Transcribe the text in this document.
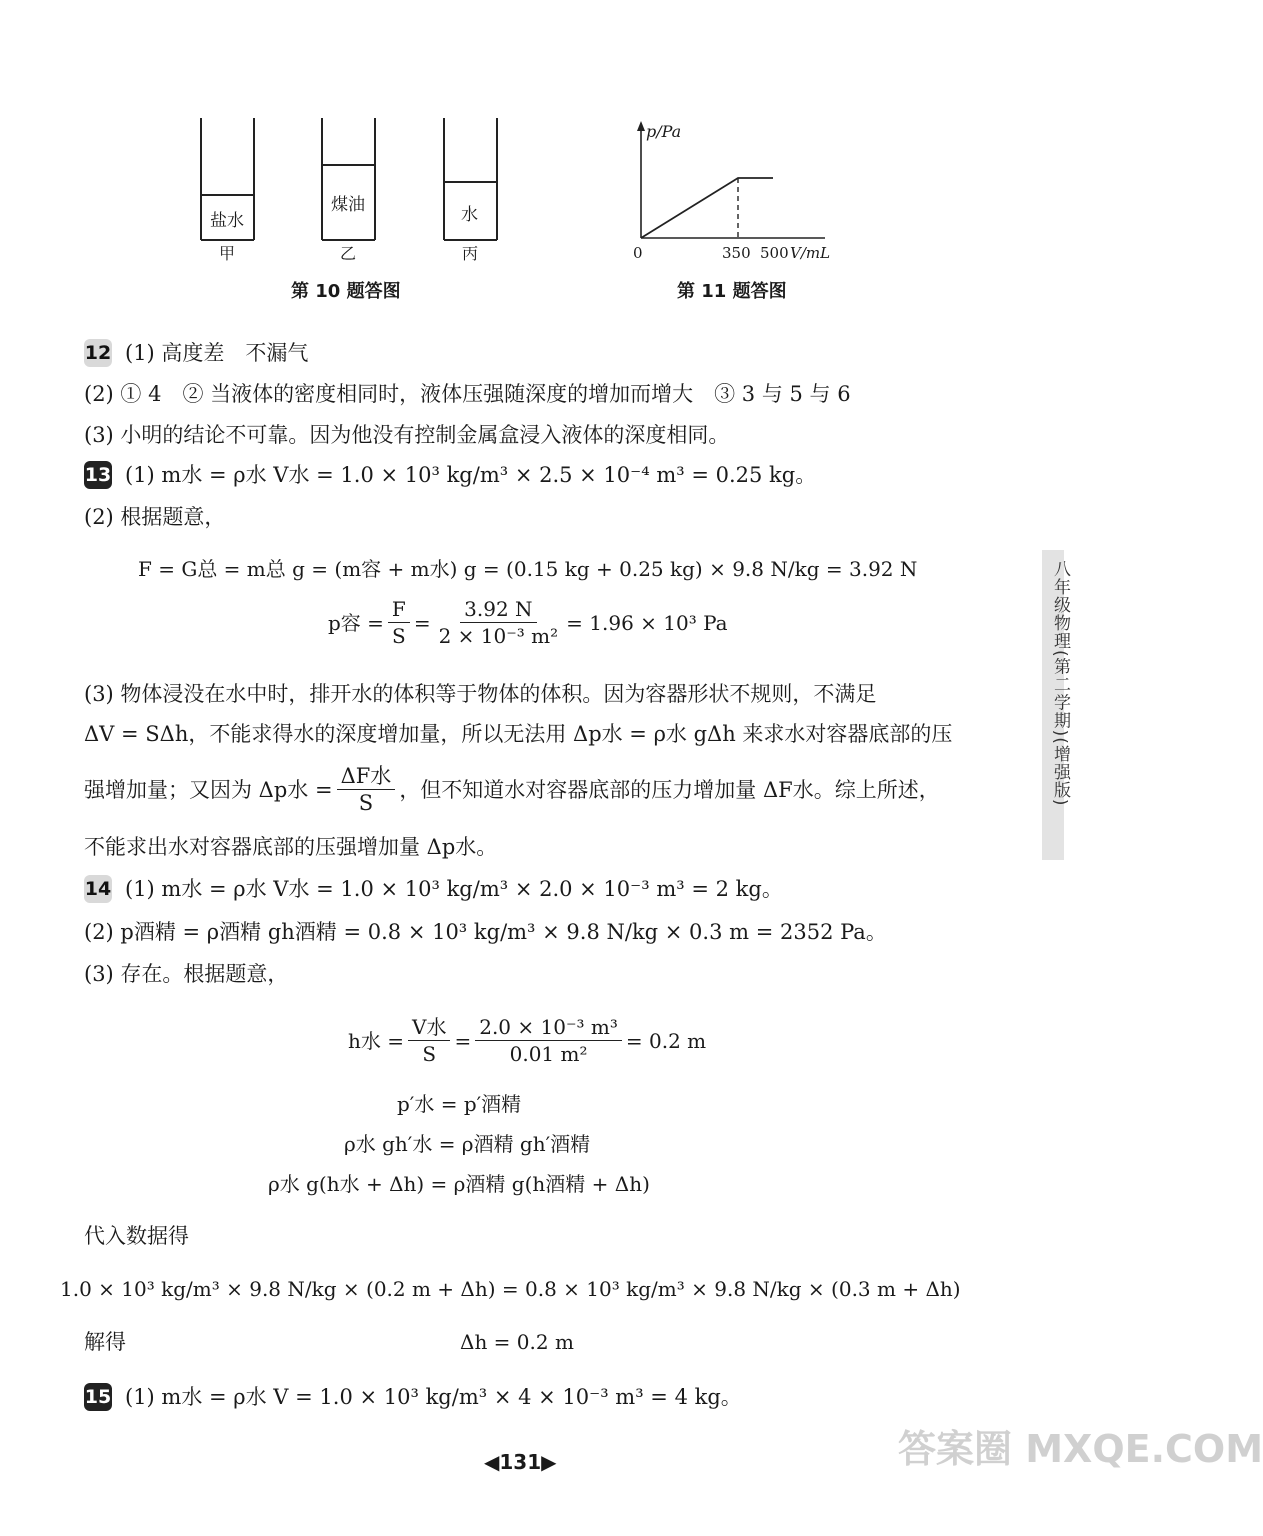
盐水
煤油	水
甲	乙	丙
第 10 题答图
p/Pa
0	350 500 V/mL
第 11 题答图
12 (1) 高度差　不漏气
(2) ① 4　② 当液体的密度相同时，液体压强随深度的增加而增大　③ 3 与 5 与 6
(3) 小明的结论不可靠。因为他没有控制金属盒浸入液体的深度相同。
13 (1) m水 = ρ水 V水 = 1.0 × 10³ kg/m³ × 2.5 × 10⁻⁴ m³ = 0.25 kg。
(2) 根据题意，
F = G总 = m总 g = (m容 + m水) g = (0.15 kg + 0.25 kg) × 9.8 N/kg = 3.92 N
p容 = $\frac{F}{S} = \frac{3.92 N}{\text{2 × 10⁻³ m²}} = 1.96 \times 10^3$ Pa
(3) 物体浸没在水中时，排开水的体积等于物体的体积。因为容器形状不规则，不满足
ΔV = SΔh，不能求得水的深度增加量，所以无法用 Δp水 = ρ水 gΔh 来求水对容器底部的压
强增加量；又因为 Δp水 = $\frac{\text{ΔF水}}{S}$ ，但不知道水对容器底部的压力增加量 ΔF水。综上所述，
不能求出水对容器底部的压强增加量 Δp水。
14 (1) m水 = ρ水 V水 = 1.0 × 10³ kg/m³ × 2.0 × 10⁻³ m³ = 2 kg。
(2) p酒精 = ρ酒精 gh酒精 = 0.8 × 10³ kg/m³ × 9.8 N/kg × 0.3 m = 2352 Pa。
(3) 存在。根据题意，
h水 = $\frac{\text{V水}}{S} = \frac{\text{2.0 × 10⁻³ m³}}{\text{0.01 m²}} = 0.2$ m
p′水 = p′酒精
ρ水 gh′水 = ρ酒精 gh′酒精
ρ水 g(h水 + Δh) = ρ酒精 g(h酒精 + Δh)
代入数据得
1.0 × 10³ kg/m³ × 9.8 N/kg × (0.2 m + Δh) = 0.8 × 10³ kg/m³ × 9.8 N/kg × (0.3 m + Δh)
解得	Δh = 0.2 m
15 (1) m水 = ρ水 V = 1.0 × 10³ kg/m³ × 4 × 10⁻³ m³ = 4 kg。
八年级物理(第二学期)(增强版)
◀131▶	答案圈 MXQE.COM
